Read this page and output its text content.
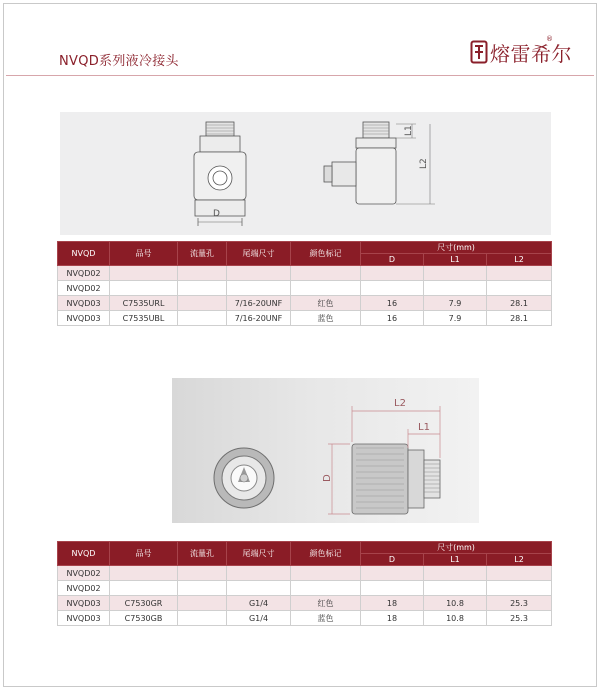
NVQD系列液冷接头	熔雷希尔
®
D
L1
L2
NVQD	品号	流量孔	尾端尺寸	颜色标记	尺寸(mm)		
					D	L1	L2
NVQD02							
NVQD02							
NVQD03	C7535URL		7/16-20UNF	红色	16	7.9	28.1
NVQD03	C7535UBL		7/16-20UNF	蓝色	16	7.9	28.1
L2
L1
D
NVQD	品号	流量孔	尾端尺寸	颜色标记	尺寸(mm)		
					D	L1	L2
NVQD02							
NVQD02							
NVQD03	C7530GR		G1/4	红色	18	10.8	25.3
NVQD03	C7530GB		G1/4	蓝色	18	10.8	25.3
